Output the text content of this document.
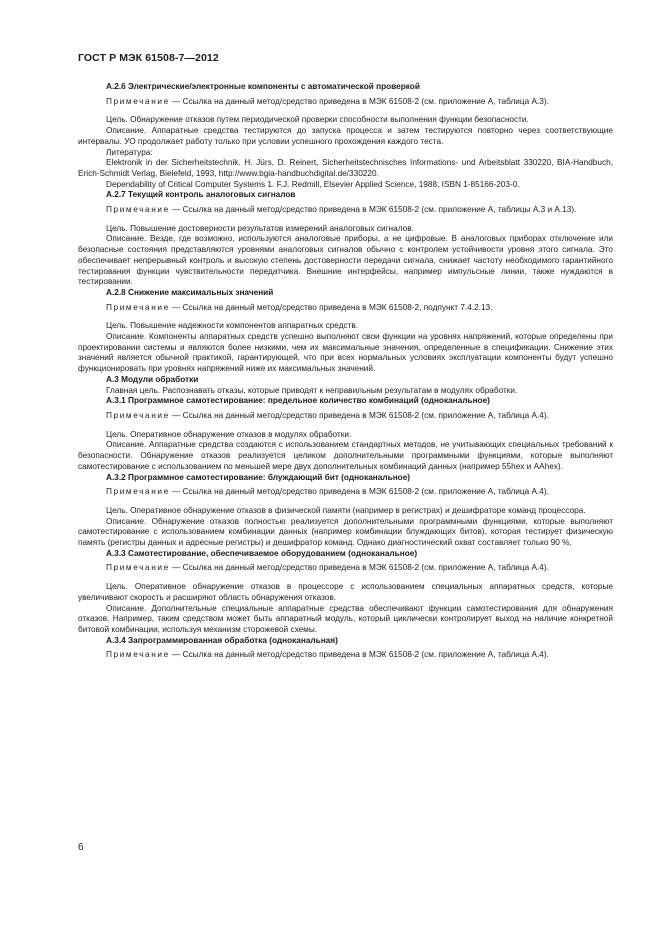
ГОСТ Р МЭК 61508-7—2012

A.2.6 Электрические/электронные компоненты с автоматической проверкой

Примечание — Ссылка на данный метод/средство приведена в МЭК 61508-2 (см. приложение А, таблица А.3).

Цель. Обнаружение отказов путем периодической проверки способности выполнения функции безопасности.

Описание. Аппаратные средства тестируются до запуска процесса и затем тестируются повторно через соответствующие интервалы. УО продолжает работу только при условии успешного прохождения каждого теста.

Литература:

Elektronik in der Sicherheitstechnik. H. Jürs, D. Reinert, Sicherheitstechnisches Informations- und Arbeitsblatt 330220, BIA-Handbuch, Erich-Schmidt Verlag, Bielefeld, 1993, http://www.bgia-handbuchdigital.de/330220.

Dependability of Critical Computer Systems 1. F.J. Redmill, Elsevier Applied Science, 1988, ISBN 1-85166-203-0.

A.2.7 Текущий контроль аналоговых сигналов

Примечание — Ссылка на данный метод/средство приведена в МЭК 61508-2 (см. приложение А, таблицы А.3 и А.13).

Цель. Повышение достоверности результатов измерений аналоговых сигналов.

Описание. Везде, где возможно, используются аналоговые приборы, а не цифровые. В аналоговых приборах отключение или безопасные состояния представляются уровнями аналоговых сигналов обычно с контролем устойчивости уровня этого сигнала. Это обеспечивает непрерывный контроль и высокую степень достоверности передачи сигнала, снижает частоту необходимого гарантийного тестирования функции чувствительности передатчика. Внешние интерфейсы, например импульсные линии, также нуждаются в тестировании.

A.2.8 Снижение максимальных значений

Примечание — Ссылка на данный метод/средство приведена в МЭК 61508-2, подпункт 7.4.2.13.

Цель. Повышение надежности компонентов аппаратных средств.

Описание. Компоненты аппаратных средств успешно выполняют свои функции на уровнях напряжений, которые определены при проектировании системы и являются более низкими, чем их максимальные значения, определенные в спецификации. Снижение этих значений является обычной практикой, гарантирующей, что при всех нормальных условиях эксплуатации компоненты будут успешно функционировать при уровнях напряжений ниже их максимальных значений.

A.3 Модули обработки

Главная цель. Распознавать отказы, которые приводят к неправильным результатам в модулях обработки.

A.3.1 Программное самотестирование: предельное количество комбинаций (одноканальное)

Примечание — Ссылка на данный метод/средство приведена в МЭК 61508-2 (см. приложение А, таблица А.4).

Цель. Оперативное обнаружение отказов в модулях обработки.

Описание. Аппаратные средства создаются с использованием стандартных методов, не учитывающих специальных требований к безопасности. Обнаружение отказов реализуется целиком дополнительными программными функциями, которые выполняют самотестирование с использованием по меньшей мере двух дополнительных комбинаций данных (например 55hex и AAhex).

A.3.2 Программное самотестирование: блуждающий бит (одноканальное)

Примечание — Ссылка на данный метод/средство приведена в МЭК 61508-2 (см. приложение А, таблица А.4).

Цель. Оперативное обнаружение отказов в физической памяти (например в регистрах) и дешифраторе команд процессора.

Описание. Обнаружение отказов полностью реализуется дополнительными программными функциями, которые выполняют самотестирование с использованием комбинации данных (например комбинации блуждающих битов), которая тестирует физическую память (регистры данных и адресные регистры) и дешифратор команд. Однако диагностический охват составляет только 90 %.

A.3.3 Самотестирование, обеспечиваемое оборудованием (одноканальное)

Примечание — Ссылка на данный метод/средство приведена в МЭК 61508-2 (см. приложение А, таблица А.4).

Цель. Оперативное обнаружение отказов в процессоре с использованием специальных аппаратных средств, которые увеличивают скорость и расширяют область обнаружения отказов.

Описание. Дополнительные специальные аппаратные средства обеспечивают функции самотестирования для обнаружения отказов. Например, таким средством может быть аппаратный модуль, который циклически контролирует выход на наличие конкретной битовой комбинации, используя механизм сторожевой схемы.

A.3.4 Запрограммированная обработка (одноканальная)

Примечание — Ссылка на данный метод/средство приведена в МЭК 61508-2 (см. приложение А, таблица А.4).

6
